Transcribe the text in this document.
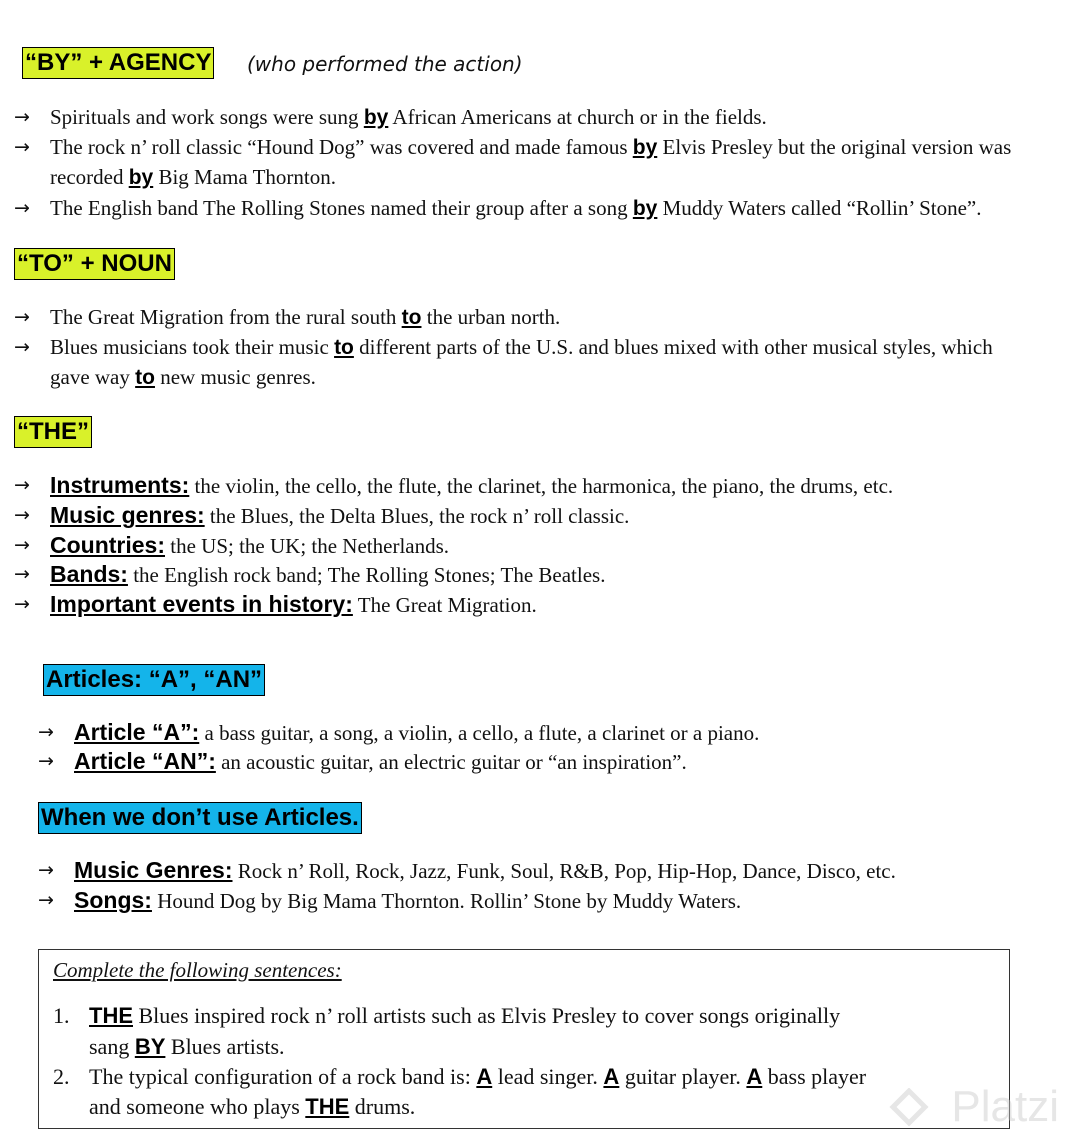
“BY” + AGENCY (who performed the action)
→ Spirituals and work songs were sung by African Americans at church or in the fields.
→ The rock n’ roll classic “Hound Dog” was covered and made famous by Elvis Presley but the original version was
recorded by Big Mama Thornton.
→ The English band The Rolling Stones named their group after a song by Muddy Waters called “Rollin’ Stone”.
“TO” + NOUN
→ The Great Migration from the rural south to the urban north.
→ Blues musicians took their music to different parts of the U.S. and blues mixed with other musical styles, which
gave way to new music genres.
“THE”
→ Instruments: the violin, the cello, the flute, the clarinet, the harmonica, the piano, the drums, etc.
→ Music genres: the Blues, the Delta Blues, the rock n’ roll classic.
→ Countries: the US; the UK; the Netherlands.
→ Bands: the English rock band; The Rolling Stones; The Beatles.
→ Important events in history: The Great Migration.
Articles: “A”, “AN”
→ Article “A”: a bass guitar, a song, a violin, a cello, a flute, a clarinet or a piano.
→ Article “AN”: an acoustic guitar, an electric guitar or “an inspiration”.
When we don’t use Articles.
→ Music Genres: Rock n’ Roll, Rock, Jazz, Funk, Soul, R&B, Pop, Hip-Hop, Dance, Disco, etc.
→ Songs: Hound Dog by Big Mama Thornton. Rollin’ Stone by Muddy Waters.
Complete the following sentences:
1. THE Blues inspired rock n’ roll artists such as Elvis Presley to cover songs originally
sang BY Blues artists.
2. The typical configuration of a rock band is: A lead singer. A guitar player. A bass player
and someone who plays THE drums.	Platzi
